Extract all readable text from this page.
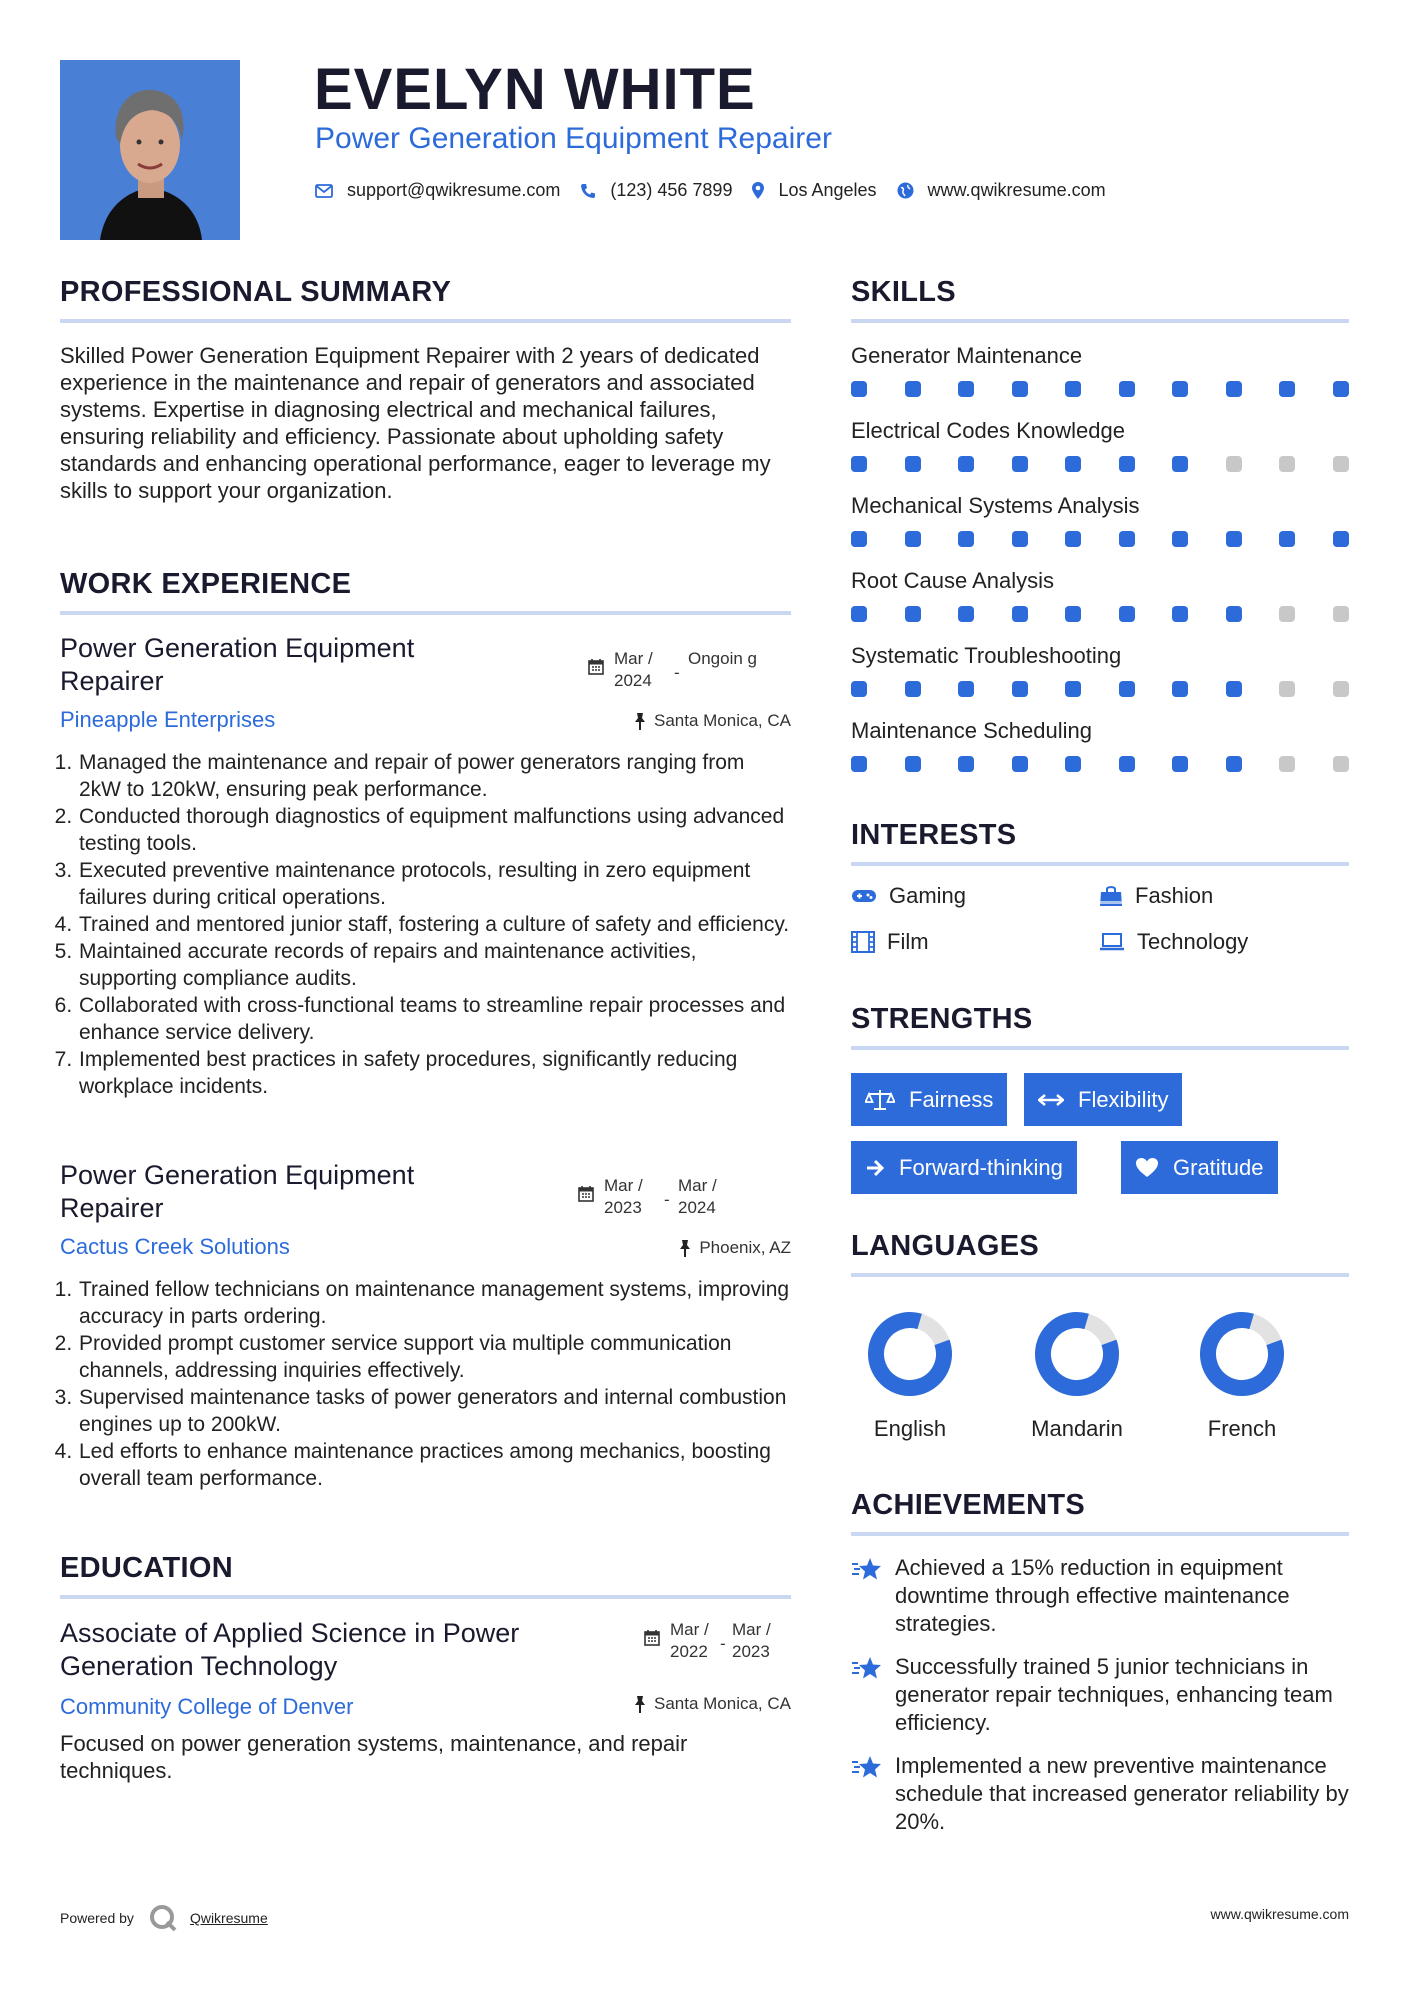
EVELYN WHITE
Power Generation Equipment Repairer
support@qwikresume.com	(123) 456 7899	Los Angeles	www.qwikresume.com
PROFESSIONAL SUMMARY
Skilled Power Generation Equipment Repairer with 2 years of dedicated experience in the maintenance and repair of generators and associated systems. Expertise in diagnosing electrical and mechanical failures, ensuring reliability and efficiency. Passionate about upholding safety standards and enhancing operational performance, eager to leverage my skills to support your organization.
WORK EXPERIENCE
Power Generation Equipment Repairer
Mar / 2024	-
Ongoin g
Pineapple Enterprises	Santa Monica, CA
1. Managed the maintenance and repair of power generators ranging from 2kW to 120kW, ensuring peak performance.
2. Conducted thorough diagnostics of equipment malfunctions using advanced testing tools.
3. Executed preventive maintenance protocols, resulting in zero equipment failures during critical operations.
4. Trained and mentored junior staff, fostering a culture of safety and efficiency.
5. Maintained accurate records of repairs and maintenance activities, supporting compliance audits.
6. Collaborated with cross-functional teams to streamline repair processes and enhance service delivery.
7. Implemented best practices in safety procedures, significantly reducing workplace incidents.
Power Generation Equipment Repairer
Mar / 2023	-
Mar / 2024
Cactus Creek Solutions	Phoenix, AZ
1. Trained fellow technicians on maintenance management systems, improving accuracy in parts ordering.
2. Provided prompt customer service support via multiple communication channels, addressing inquiries effectively.
3. Supervised maintenance tasks of power generators and internal combustion engines up to 200kW.
4. Led efforts to enhance maintenance practices among mechanics, boosting overall team performance.
EDUCATION
Associate of Applied Science in Power Generation Technology
Mar / 2022 -
Mar / 2023
Community College of Denver	Santa Monica, CA
Focused on power generation systems, maintenance, and repair techniques.
SKILLS
Generator Maintenance
Electrical Codes Knowledge
Mechanical Systems Analysis
Root Cause Analysis
Systematic Troubleshooting
Maintenance Scheduling
INTERESTS
Gaming	Fashion
Film	Technology
STRENGTHS
Fairness	Flexibility
Forward-thinking	Gratitude
LANGUAGES
English	Mandarin	French
ACHIEVEMENTS
Achieved a 15% reduction in equipment downtime through effective maintenance strategies.
Successfully trained 5 junior technicians in generator repair techniques, enhancing team efficiency.
Implemented a new preventive maintenance schedule that increased generator reliability by 20%.
Powered by	Qwikresume	www.qwikresume.com
